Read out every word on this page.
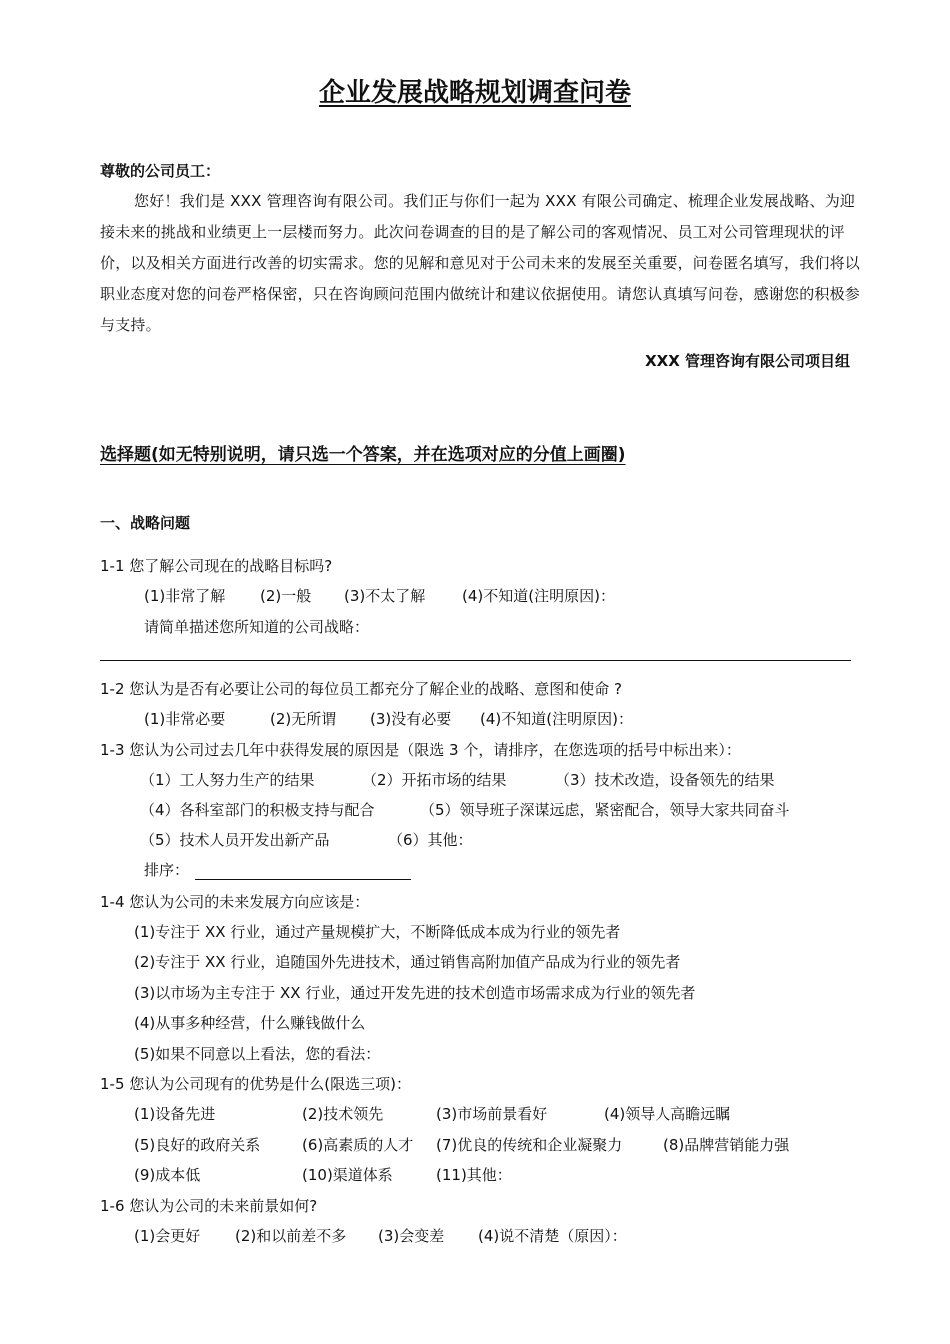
企业发展战略规划调查问卷
尊敬的公司员工：
您好！我们是 XXX 管理咨询有限公司。我们正与你们一起为 XXX 有限公司确定、梳理企业发展战略、为迎接未来的挑战和业绩更上一层楼而努力。此次问卷调查的目的是了解公司的客观情况、员工对公司管理现状的评价，以及相关方面进行改善的切实需求。您的见解和意见对于公司未来的发展至关重要，问卷匿名填写，我们将以职业态度对您的问卷严格保密，只在咨询顾问范围内做统计和建议依据使用。请您认真填写问卷，感谢您的积极参与支持。
XXX 管理咨询有限公司项目组
选择题(如无特别说明，请只选一个答案，并在选项对应的分值上画圈)
一、战略问题
1-1 您了解公司现在的战略目标吗?
(1)非常了解 (2)一般 (3)不太了解 (4)不知道(注明原因)：
请简单描述您所知道的公司战略：
1-2 您认为是否有必要让公司的每位员工都充分了解企业的战略、意图和使命 ?
(1)非常必要	(2)无所谓 (3)没有必要 (4)不知道(注明原因)：
1-3 您认为公司过去几年中获得发展的原因是（限选 3 个，请排序，在您选项的括号中标出来）：
（1）工人努力生产的结果	（2）开拓市场的结果	（3）技术改造，设备领先的结果
（4）各科室部门的积极支持与配合	（5）领导班子深谋远虑，紧密配合，领导大家共同奋斗
（5）技术人员开发出新产品	（6）其他：
排序：
1-4 您认为公司的未来发展方向应该是：
(1)专注于 XX 行业，通过产量规模扩大，不断降低成本成为行业的领先者
(2)专注于 XX 行业，追随国外先进技术，通过销售高附加值产品成为行业的领先者
(3)以市场为主专注于 XX 行业，通过开发先进的技术创造市场需求成为行业的领先者
(4)从事多种经营，什么赚钱做什么
(5)如果不同意以上看法，您的看法：
1-5 您认为公司现有的优势是什么(限选三项)：
(1)设备先进	(2)技术领先	(3)市场前景看好	(4)领导人高瞻远瞩
(5)良好的政府关系	(6)高素质的人才 (7)优良的传统和企业凝聚力	(8)品牌营销能力强
(9)成本低	(10)渠道体系	(11)其他：
1-6 您认为公司的未来前景如何?
(1)会更好 (2)和以前差不多 (3)会变差 (4)说不清楚（原因）：
